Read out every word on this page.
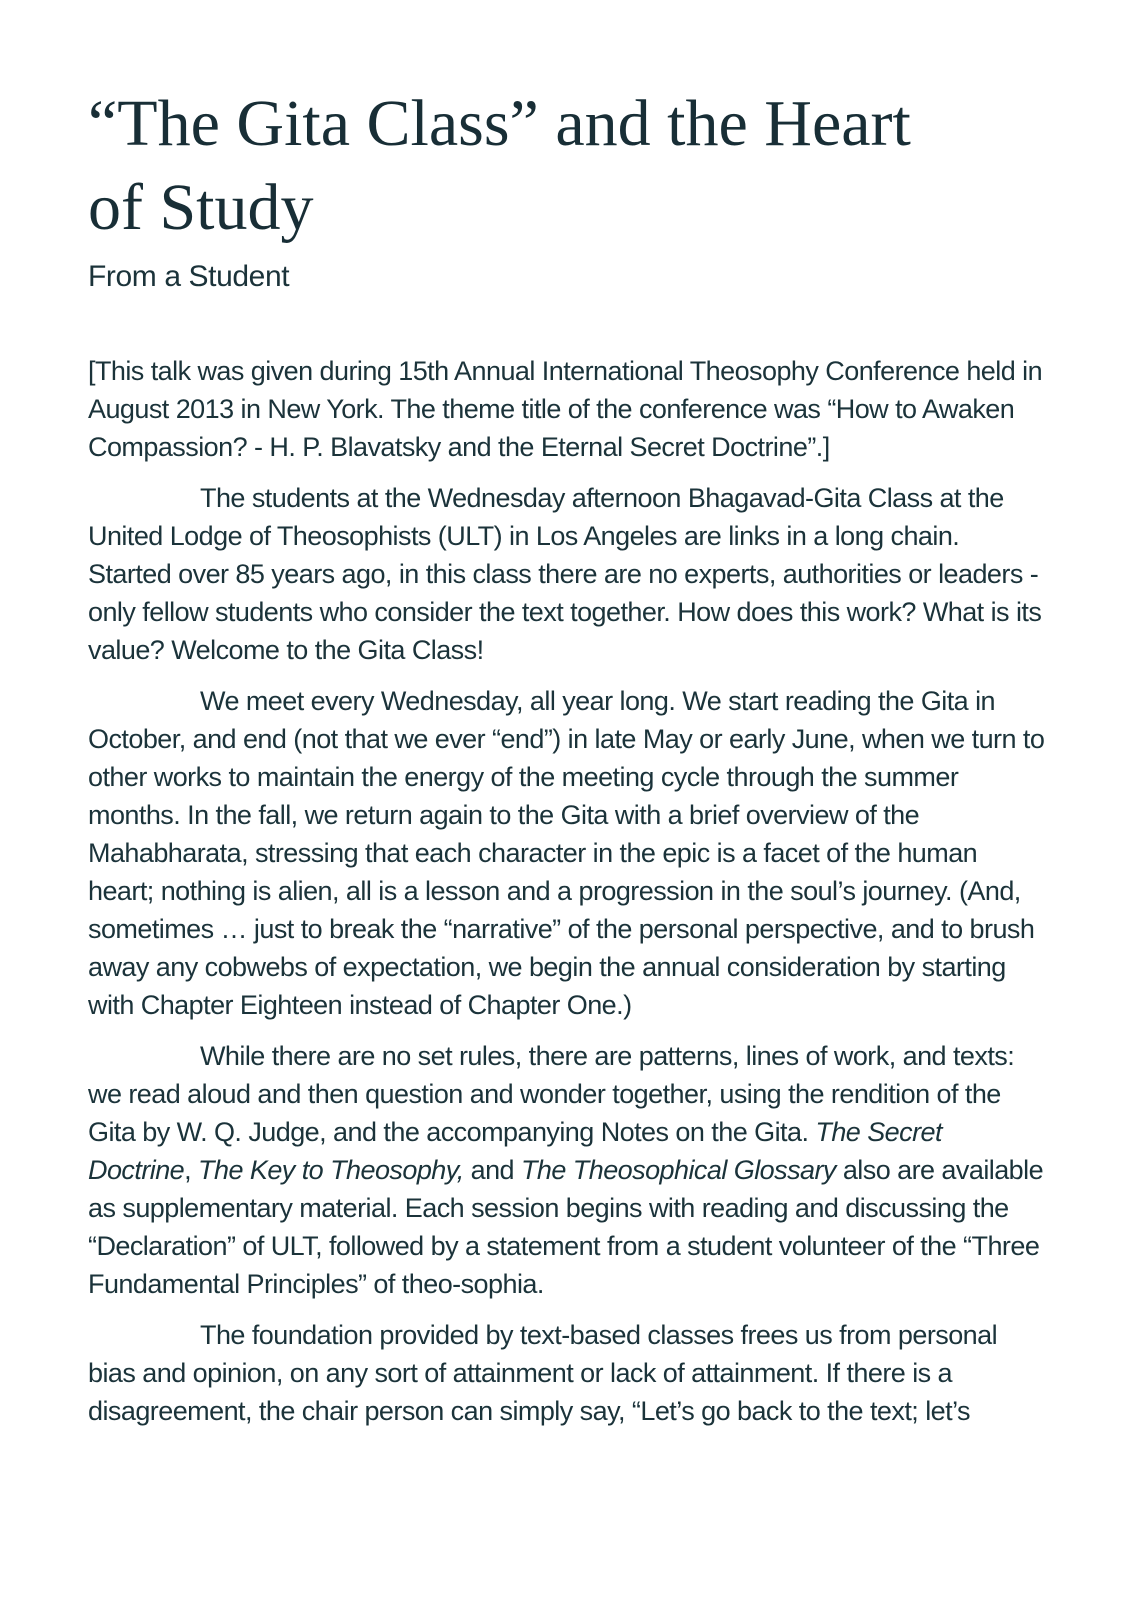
“The Gita Class” and the Heart of Study
From a Student

[This talk was given during 15th Annual International Theosophy Conference held in August 2013 in New York. The theme title of the conference was “How to Awaken Compassion? - H. P. Blavatsky and the Eternal Secret Doctrine”.]

The students at the Wednesday afternoon Bhagavad-Gita Class at the United Lodge of Theosophists (ULT) in Los Angeles are links in a long chain. Started over 85 years ago, in this class there are no experts, authorities or leaders - only fellow students who consider the text together. How does this work? What is its value? Welcome to the Gita Class!

We meet every Wednesday, all year long. We start reading the Gita in October, and end (not that we ever “end”) in late May or early June, when we turn to other works to maintain the energy of the meeting cycle through the summer months. In the fall, we return again to the Gita with a brief overview of the Mahabharata, stressing that each character in the epic is a facet of the human heart; nothing is alien, all is a lesson and a progression in the soul’s journey. (And, sometimes … just to break the “narrative” of the personal perspective, and to brush away any cobwebs of expectation, we begin the annual consideration by starting with Chapter Eighteen instead of Chapter One.)

While there are no set rules, there are patterns, lines of work, and texts: we read aloud and then question and wonder together, using the rendition of the Gita by W. Q. Judge, and the accompanying Notes on the Gita. The Secret Doctrine, The Key to Theosophy, and The Theosophical Glossary also are available as supplementary material. Each session begins with reading and discussing the “Declaration” of ULT, followed by a statement from a student volunteer of the “Three Fundamental Principles” of theo-sophia.

The foundation provided by text-based classes frees us from personal bias and opinion, on any sort of attainment or lack of attainment. If there is a disagreement, the chair person can simply say, “Let’s go back to the text; let’s
